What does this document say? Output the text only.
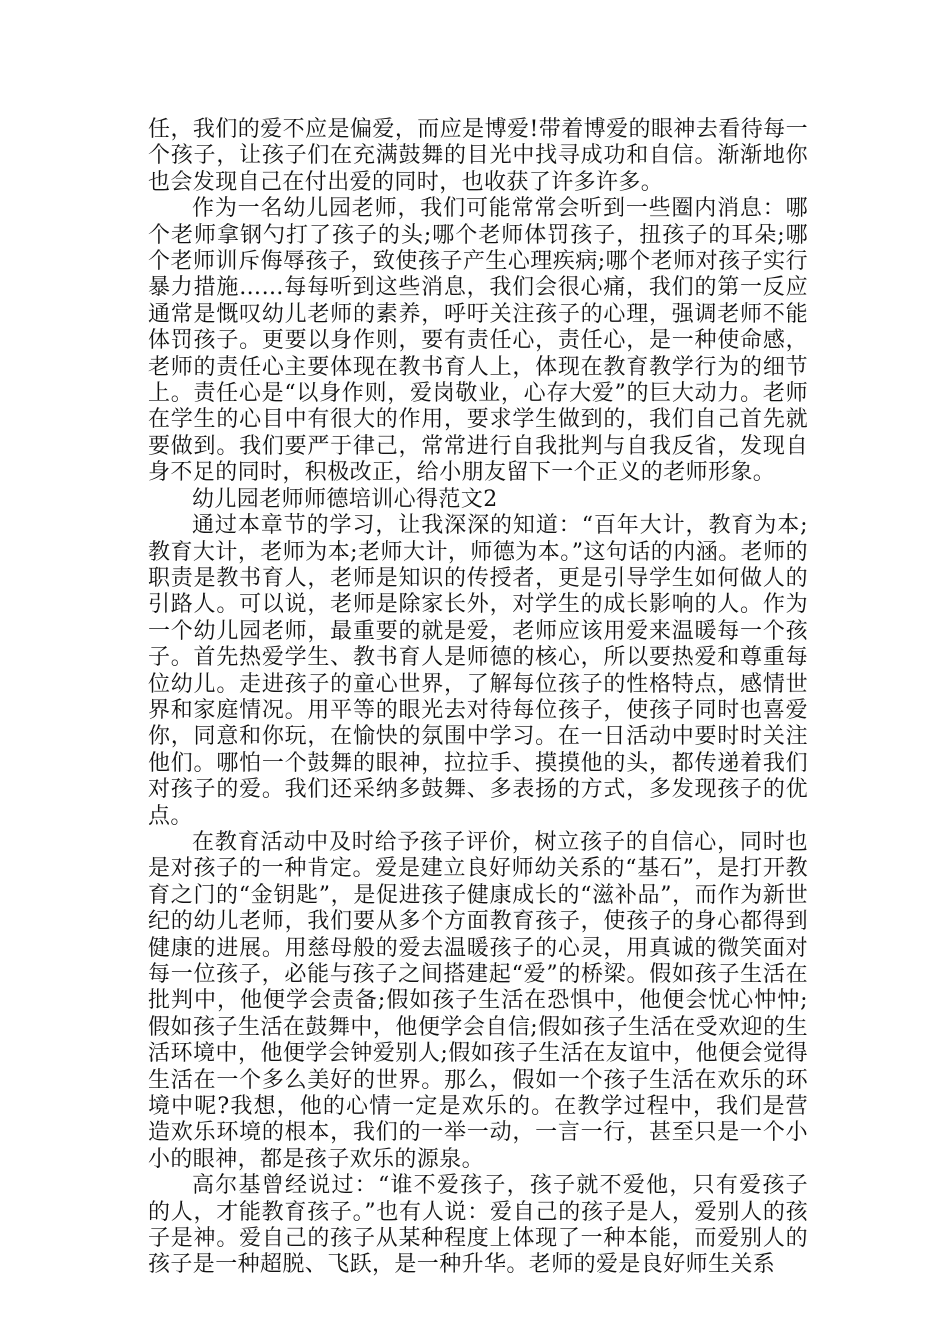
任，我们的爱不应是偏爱，而应是博爱!带着博爱的眼神去看待每一个孩子，让孩子们在充满鼓舞的目光中找寻成功和自信。渐渐地你也会发现自己在付出爱的同时，也收获了许多许多。

作为一名幼儿园老师，我们可能常常会听到一些圈内消息：哪个老师拿钢勺打了孩子的头;哪个老师体罚孩子，扭孩子的耳朵;哪个老师训斥侮辱孩子，致使孩子产生心理疾病;哪个老师对孩子实行暴力措施……每每听到这些消息，我们会很心痛，我们的第一反应通常是慨叹幼儿老师的素养，呼吁关注孩子的心理，强调老师不能体罚孩子。更要以身作则，要有责任心，责任心，是一种使命感，老师的责任心主要体现在教书育人上，体现在教育教学行为的细节上。责任心是“以身作则，爱岗敬业，心存大爱”的巨大动力。老师在学生的心目中有很大的作用，要求学生做到的，我们自己首先就要做到。我们要严于律己，常常进行自我批判与自我反省，发现自身不足的同时，积极改正，给小朋友留下一个正义的老师形象。

幼儿园老师师德培训心得范文2

通过本章节的学习，让我深深的知道：“百年大计，教育为本;教育大计，老师为本;老师大计，师德为本。”这句话的内涵。老师的职责是教书育人，老师是知识的传授者，更是引导学生如何做人的引路人。可以说，老师是除家长外，对学生的成长影响的人。作为一个幼儿园老师，最重要的就是爱，老师应该用爱来温暖每一个孩子。首先热爱学生、教书育人是师德的核心，所以要热爱和尊重每位幼儿。走进孩子的童心世界，了解每位孩子的性格特点，感情世界和家庭情况。用平等的眼光去对待每位孩子，使孩子同时也喜爱你，同意和你玩，在愉快的氛围中学习。在一日活动中要时时关注他们。哪怕一个鼓舞的眼神，拉拉手、摸摸他的头，都传递着我们对孩子的爱。我们还采纳多鼓舞、多表扬的方式，多发现孩子的优点。

在教育活动中及时给予孩子评价，树立孩子的自信心，同时也是对孩子的一种肯定。爱是建立良好师幼关系的“基石”，是打开教育之门的“金钥匙”，是促进孩子健康成长的“滋补品”，而作为新世纪的幼儿老师，我们要从多个方面教育孩子，使孩子的身心都得到健康的进展。用慈母般的爱去温暖孩子的心灵，用真诚的微笑面对每一位孩子，必能与孩子之间搭建起“爱”的桥梁。假如孩子生活在批判中，他便学会责备;假如孩子生活在恐惧中，他便会忧心忡忡;假如孩子生活在鼓舞中，他便学会自信;假如孩子生活在受欢迎的生活环境中，他便学会钟爱别人;假如孩子生活在友谊中，他便会觉得生活在一个多么美好的世界。那么，假如一个孩子生活在欢乐的环境中呢?我想，他的心情一定是欢乐的。在教学过程中，我们是营造欢乐环境的根本，我们的一举一动，一言一行，甚至只是一个小小的眼神，都是孩子欢乐的源泉。

高尔基曾经说过：“谁不爱孩子，孩子就不爱他，只有爱孩子的人，才能教育孩子。”也有人说：爱自己的孩子是人，爱别人的孩子是神。爱自己的孩子从某种程度上体现了一种本能，而爱别人的孩子是一种超脱、飞跃，是一种升华。老师的爱是良好师生关系
